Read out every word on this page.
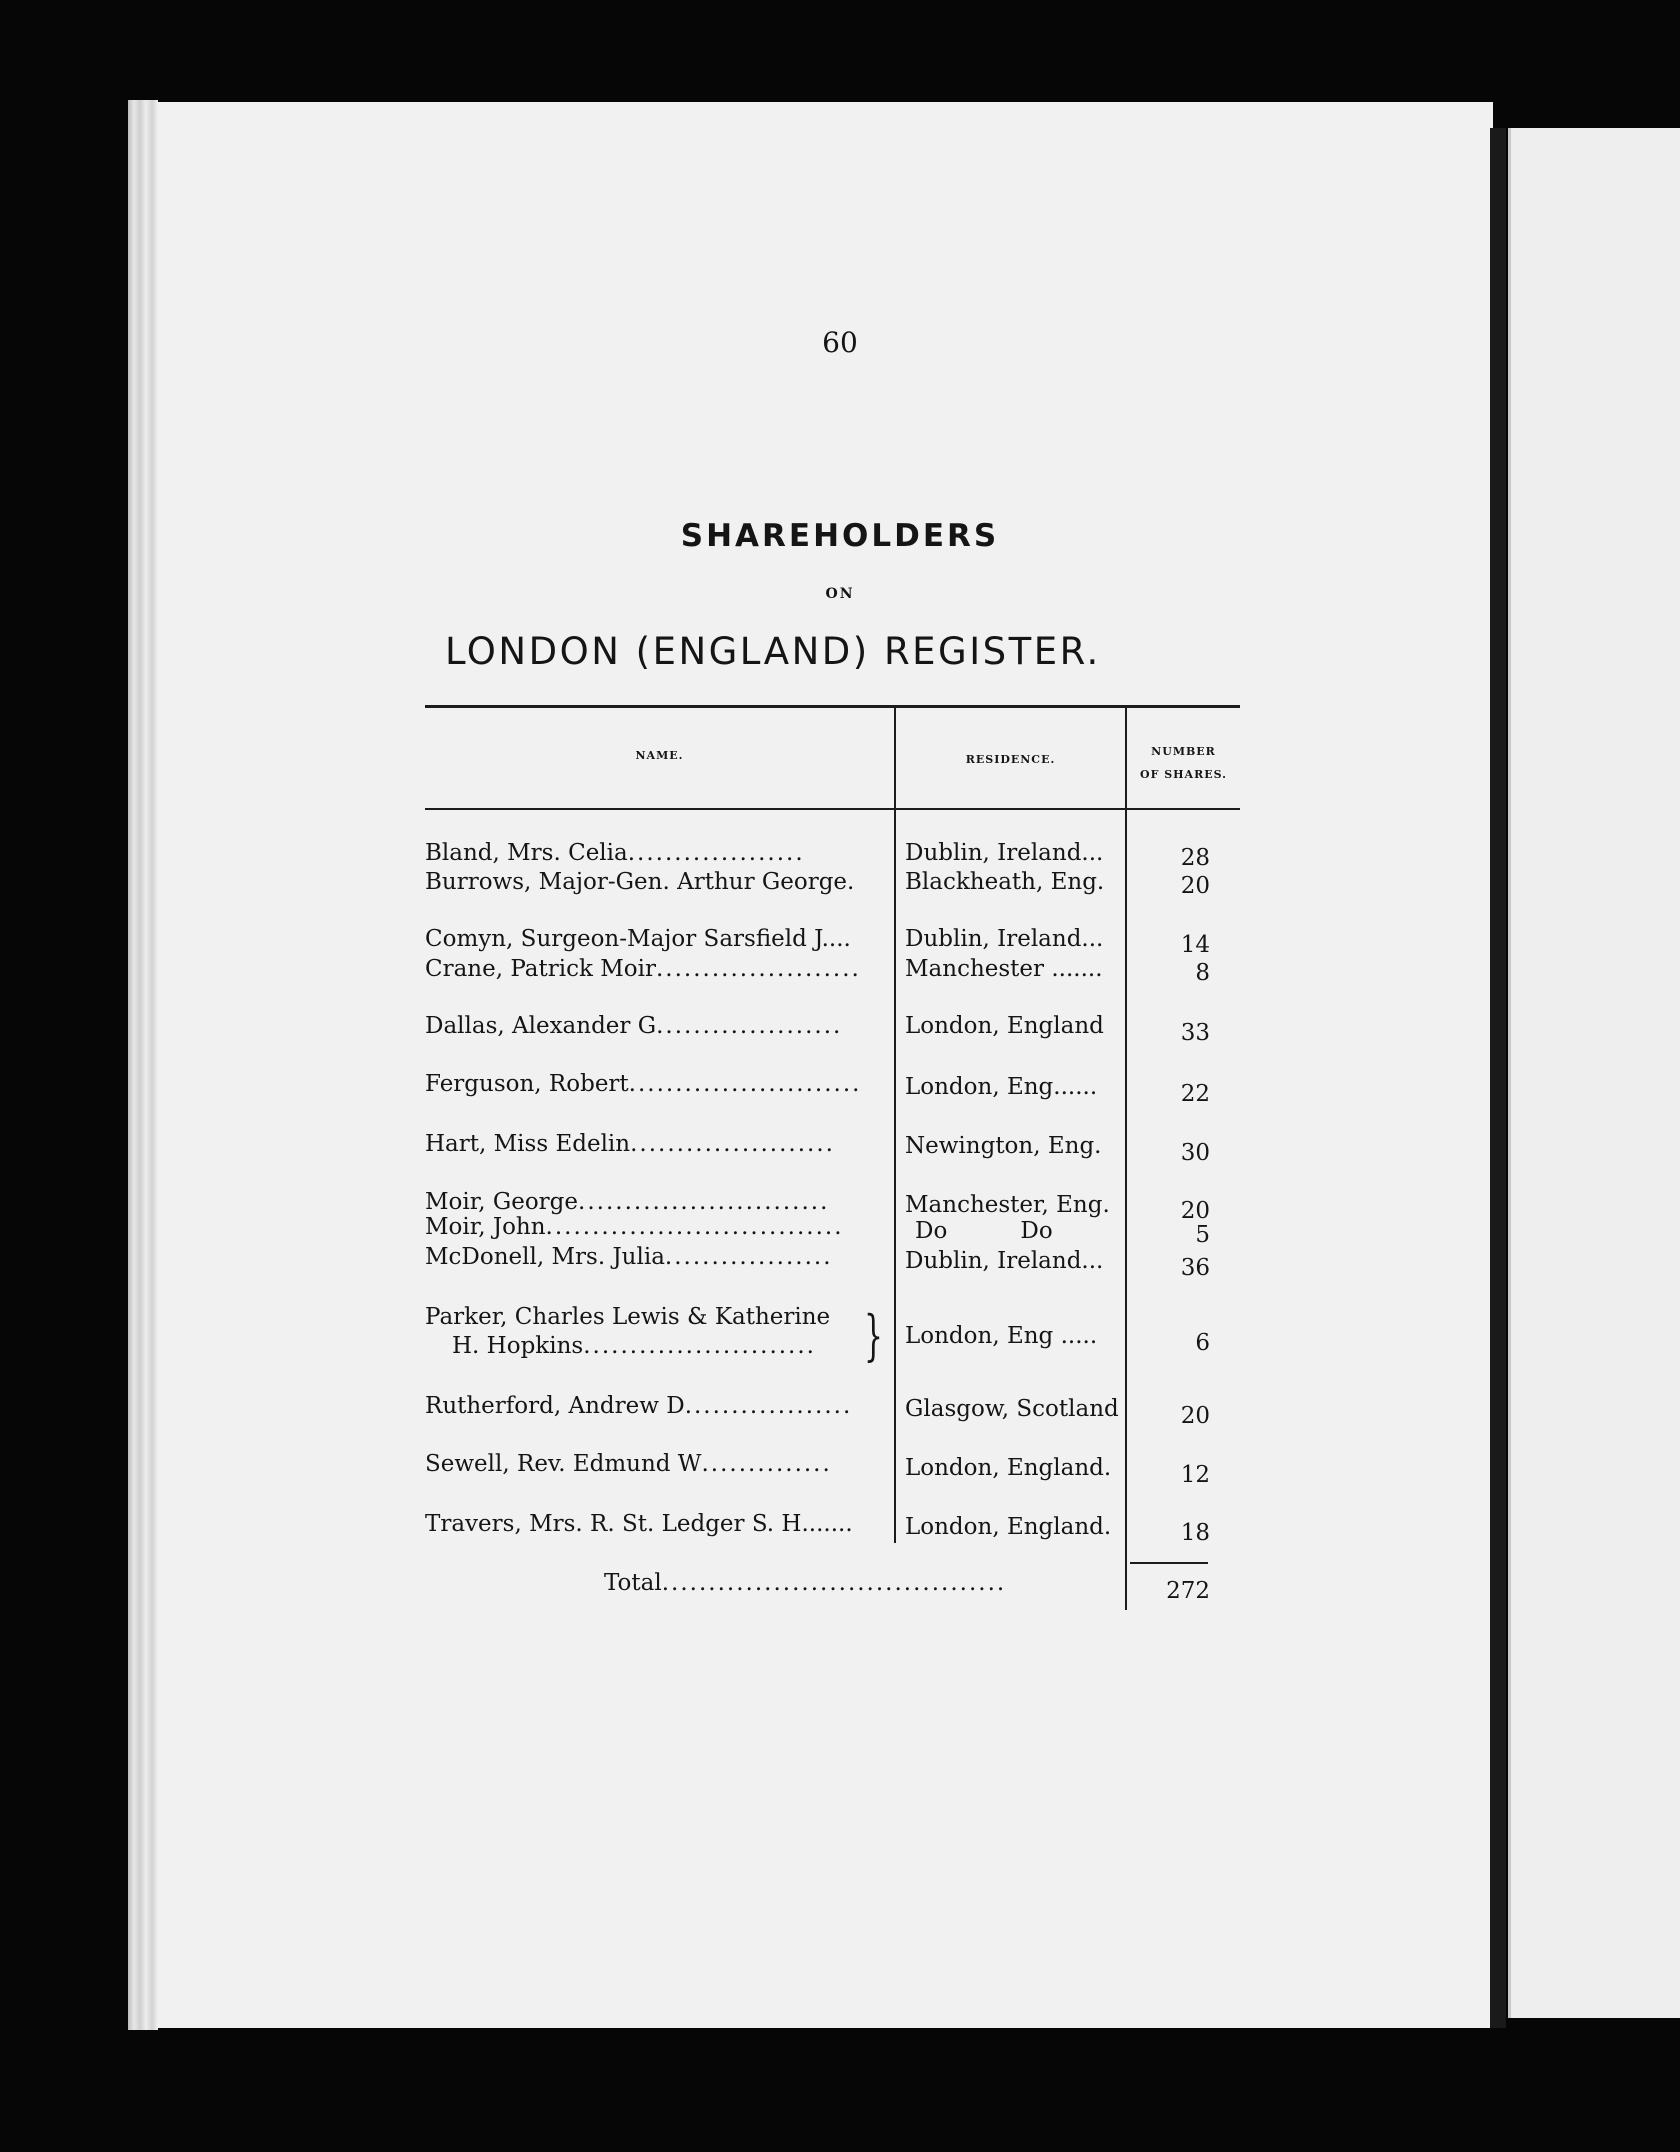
60
SHAREHOLDERS
ON
LONDON (ENGLAND) REGISTER.
NAME.	RESIDENCE.
NUMBER
OF SHARES.
Bland, Mrs. Celia...................	Dublin, Ireland...	28
Burrows, Major-Gen. Arthur George. Blackheath, Eng.	20
Comyn, Surgeon-Major Sarsfield J.... Dublin, Ireland...	14
Crane, Patrick Moir...................... Manchester .......	8
Dallas, Alexander G....................	London, England	33
Ferguson, Robert......................... London, Eng......	22
Hart, Miss Edelin......................	Newington, Eng.	30
Moir, George...........................	Manchester, Eng.	20
Moir, John................................	Do          Do	5
McDonell, Mrs. Julia..................	Dublin, Ireland...	36
Parker, Charles Lewis & Katherine
H. Hopkins......................... } London, Eng .....	6
Rutherford, Andrew D.................. Glasgow, Scotland	20
Sewell, Rev. Edmund W..............	London, England.	12
Travers, Mrs. R. St. Ledger S. H....... London, England.	18
Total.....................................	272
